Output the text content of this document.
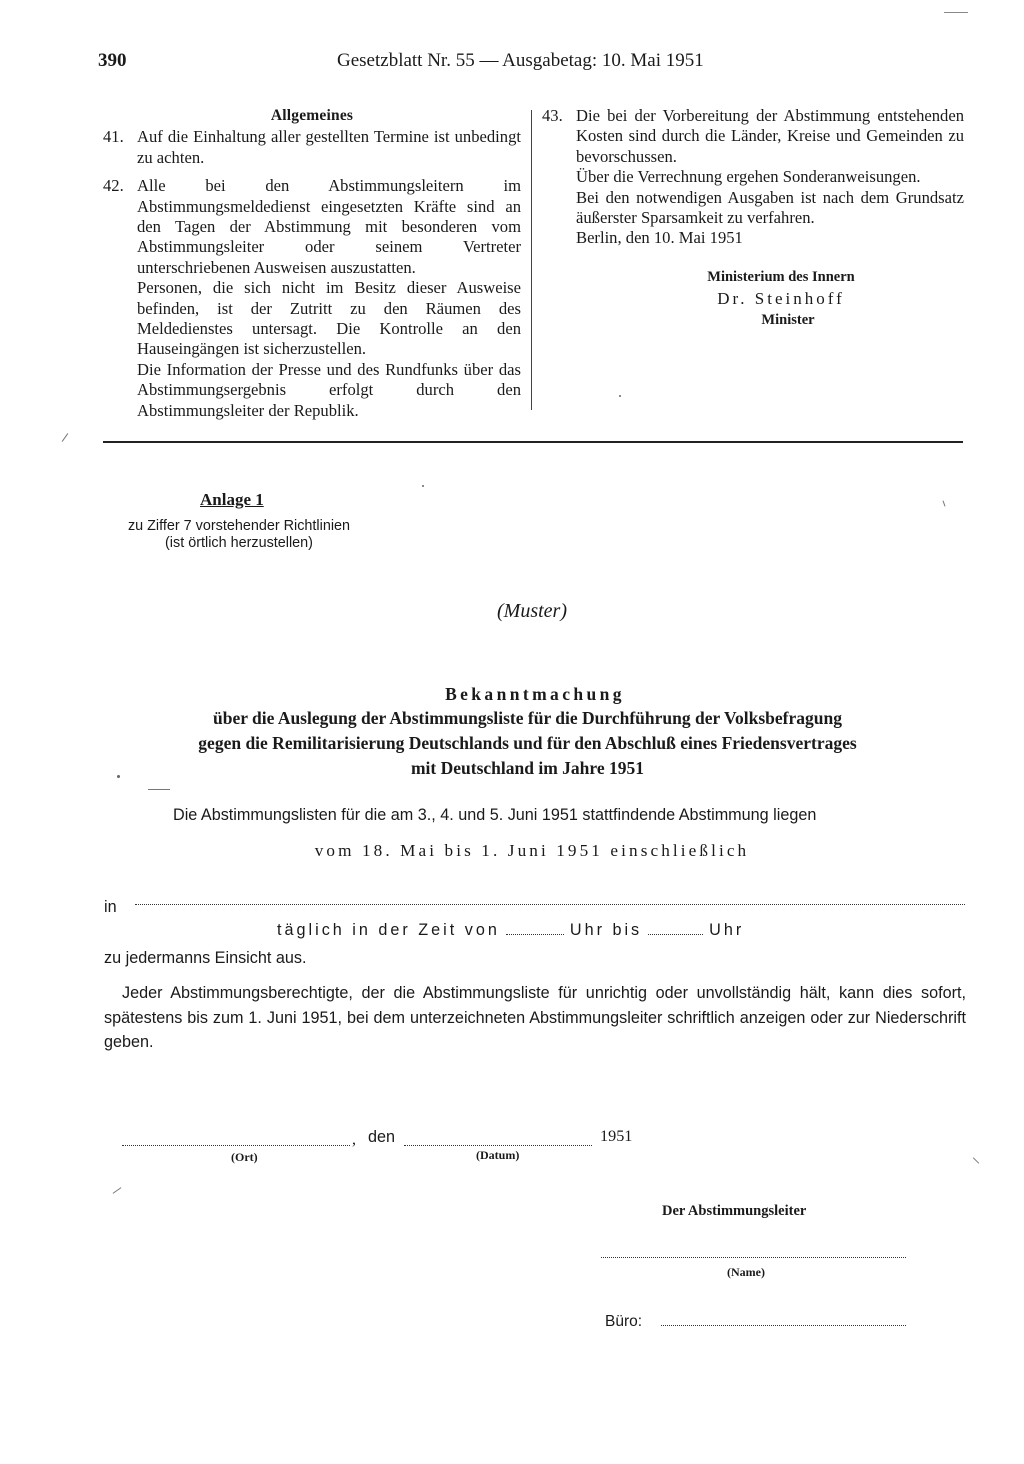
390	Gesetzblatt Nr. 55 — Ausgabetag: 10. Mai 1951
Allgemeines
41. Auf die Einhaltung aller gestellten Termine ist unbedingt zu achten.

42. Alle bei den Abstimmungsleitern im Abstimmungsmeldedienst eingesetzten Kräfte sind an den Tagen der Abstimmung mit besonderen vom Abstimmungsleiter oder seinem Vertreter unterschriebenen Ausweisen auszustatten.

Personen, die sich nicht im Besitz dieser Ausweise befinden, ist der Zutritt zu den Räumen des Meldedienstes untersagt. Die Kontrolle an den Hauseingängen ist sicherzustellen.

Die Information der Presse und des Rundfunks über das Abstimmungsergebnis erfolgt durch den Abstimmungsleiter der Republik.

43. Die bei der Vorbereitung der Abstimmung entstehenden Kosten sind durch die Länder, Kreise und Gemeinden zu bevorschussen.

Über die Verrechnung ergehen Sonderanweisungen.

Bei den notwendigen Ausgaben ist nach dem Grundsatz äußerster Sparsamkeit zu verfahren.

Berlin, den 10. Mai 1951

Ministerium des Innern
Dr. Steinhoff
Minister
Anlage 1
zu Ziffer 7 vorstehender Richtlinien
(ist örtlich herzustellen)
(Muster)
Bekanntmachung
über die Auslegung der Abstimmungsliste für die Durchführung der Volksbefragung
gegen die Remilitarisierung Deutschlands und für den Abschluß eines Friedensvertrages
mit Deutschland im Jahre 1951
Die Abstimmungslisten für die am 3., 4. und 5. Juni 1951 stattfindende Abstimmung liegen
vom 18. Mai bis 1. Juni 1951 einschließlich
in
täglich in der Zeit von	Uhr bis	Uhr
zu jedermanns Einsicht aus.
Jeder Abstimmungsberechtigte, der die Abstimmungsliste für unrichtig oder unvollständig hält, kann dies sofort, spätestens bis zum 1. Juni 1951, bei dem unterzeichneten Abstimmungsleiter schriftlich anzeigen oder zur Niederschrift geben.
, den	1951
(Ort)	(Datum)
Der Abstimmungsleiter
(Name)
Büro:
